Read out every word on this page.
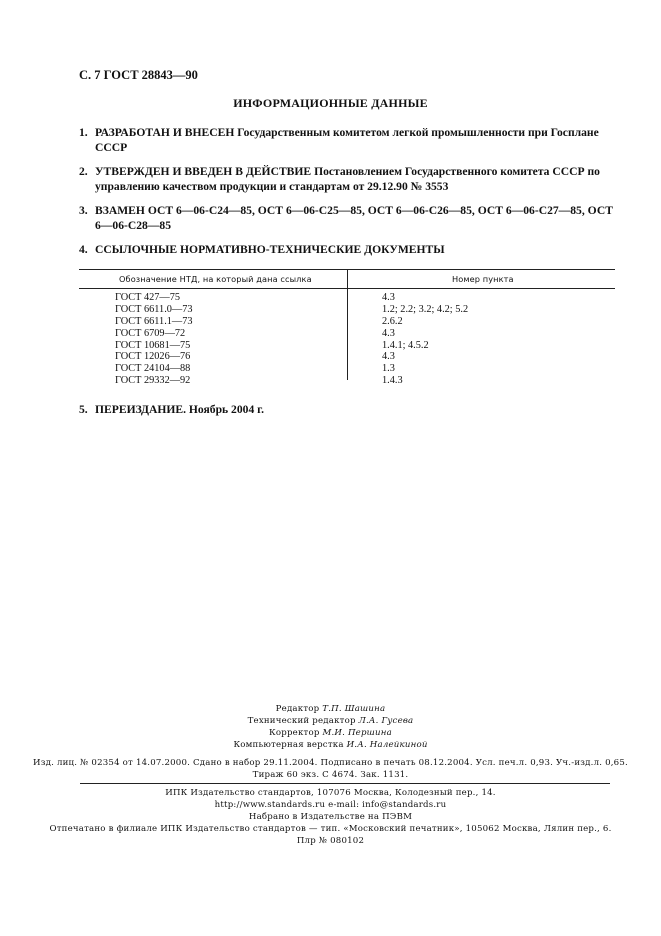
С. 7 ГОСТ 28843—90
ИНФОРМАЦИОННЫЕ ДАННЫЕ
1. РАЗРАБОТАН И ВНЕСЕН Государственным комитетом легкой промышленности при Госплане СССР
2. УТВЕРЖДЕН И ВВЕДЕН В ДЕЙСТВИЕ Постановлением Государственного комитета СССР по управлению качеством продукции и стандартам от 29.12.90 № 3553
3. ВЗАМЕН ОСТ 6—06-С24—85, ОСТ 6—06-С25—85, ОСТ 6—06-С26—85, ОСТ 6—06-С27—85, ОСТ 6—06-С28—85
4. ССЫЛОЧНЫЕ НОРМАТИВНО-ТЕХНИЧЕСКИЕ ДОКУМЕНТЫ
Обозначение НТД, на который дана ссылка	Номер пункта
ГОСТ 427—75	4.3
ГОСТ 6611.0—73	1.2; 2.2; 3.2; 4.2; 5.2
ГОСТ 6611.1—73	2.6.2
ГОСТ 6709—72	4.3
ГОСТ 10681—75	1.4.1; 4.5.2
ГОСТ 12026—76	4.3
ГОСТ 24104—88	1.3
ГОСТ 29332—92	1.4.3
5. ПЕРЕИЗДАНИЕ. Ноябрь 2004 г.
Редактор Т.П. Шашина
Технический редактор Л.А. Гусева
Корректор М.И. Першина
Компьютерная верстка И.А. Налейкиной
Изд. лиц. № 02354 от 14.07.2000. Сдано в набор 29.11.2004. Подписано в печать 08.12.2004. Усл. печ.л. 0,93. Уч.-изд.л. 0,65.
Тираж 60 экз. С 4674. Зак. 1131.
ИПК Издательство стандартов, 107076 Москва, Колодезный пер., 14.
http://www.standards.ru e-mail: info@standards.ru
Набрано в Издательстве на ПЭВМ
Отпечатано в филиале ИПК Издательство стандартов — тип. «Московский печатник», 105062 Москва, Лялин пер., 6.
Плр № 080102
